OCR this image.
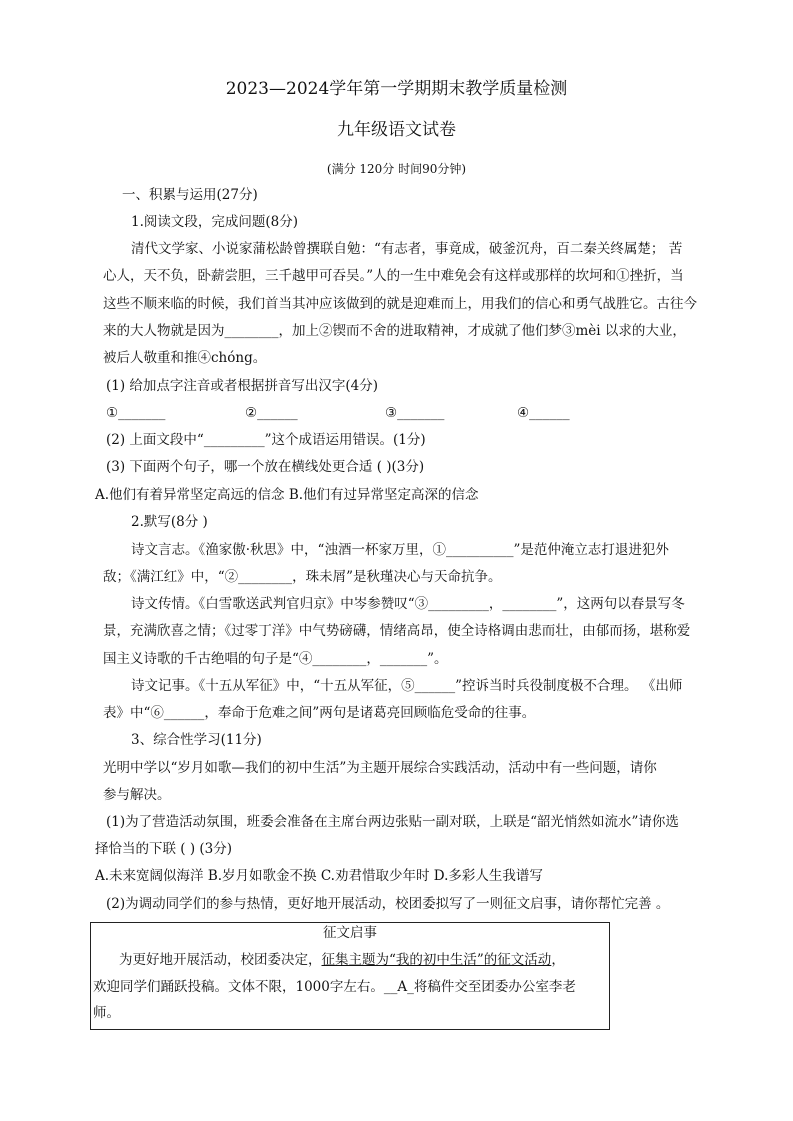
2023—2024学年第一学期期末教学质量检测
九年级语文试卷
(满分 120分 时间90分钟)
一、积累与运用(27分)
1.阅读文段，完成问题(8分)
清代文学家、小说家蒲松龄曾撰联自勉：“有志者，事竟成，破釜沉舟，百二秦关终属楚； 苦
心人，天不负，卧薪尝胆，三千越甲可吞吴。”人的一生中难免会有这样或那样的坎坷和①挫折，当
这些不顺来临的时候，我们首当其冲应该做到的就是迎难而上，用我们的信心和勇气战胜它。古往今
来的大人物就是因为________，加上②锲而不舍的进取精神，才成就了他们梦③mèi 以求的大业，
被后人敬重和推④chóng。
(1) 给加点字注音或者根据拼音写出汉字(4分)
①_______	②______	③_______	④______
(2) 上面文段中“_________”这个成语运用错误。(1分)
(3) 下面两个句子，哪一个放在横线处更合适 ( )(3分)
A.他们有着异常坚定高远的信念 B.他们有过异常坚定高深的信念
2.默写(8分 )
诗文言志。《渔家傲·秋思》中，“浊酒一杯家万里，①__________”是范仲淹立志打退进犯外
敌；《满江红》中，“②________，珠未屑”是秋瑾决心与天命抗争。
诗文传情。《白雪歌送武判官归京》中岑参赞叹“③_________，________”，这两句以春景写冬
景，充满欣喜之情；《过零丁洋》中气势磅礴，情绪高昂，使全诗格调由悲而壮，由郁而扬，堪称爱
国主义诗歌的千古绝唱的句子是“④________，_______”。
诗文记事。《十五从军征》中，“十五从军征，⑤______”控诉当时兵役制度极不合理。 《出师
表》中“⑥______，奉命于危难之间”两句是诸葛亮回顾临危受命的往事。
3、综合性学习(11分)
光明中学以“岁月如歌—我们的初中生活”为主题开展综合实践活动，活动中有一些问题，请你
参与解决。
(1)为了营造活动氛围，班委会准备在主席台两边张贴一副对联，上联是“韶光悄然如流水”请你选
择恰当的下联 ( ) (3分)
A.未来宽阔似海洋 B.岁月如歌金不换 C.劝君惜取少年时 D.多彩人生我谱写
(2)为调动同学们的参与热情，更好地开展活动，校团委拟写了一则征文启事，请你帮忙完善 。
征文启事
为更好地开展活动，校团委决定，征集主题为“我的初中生活”的征文活动，
欢迎同学们踊跃投稿。文体不限，1000字左右。__A_将稿件交至团委办公室李老
师。
